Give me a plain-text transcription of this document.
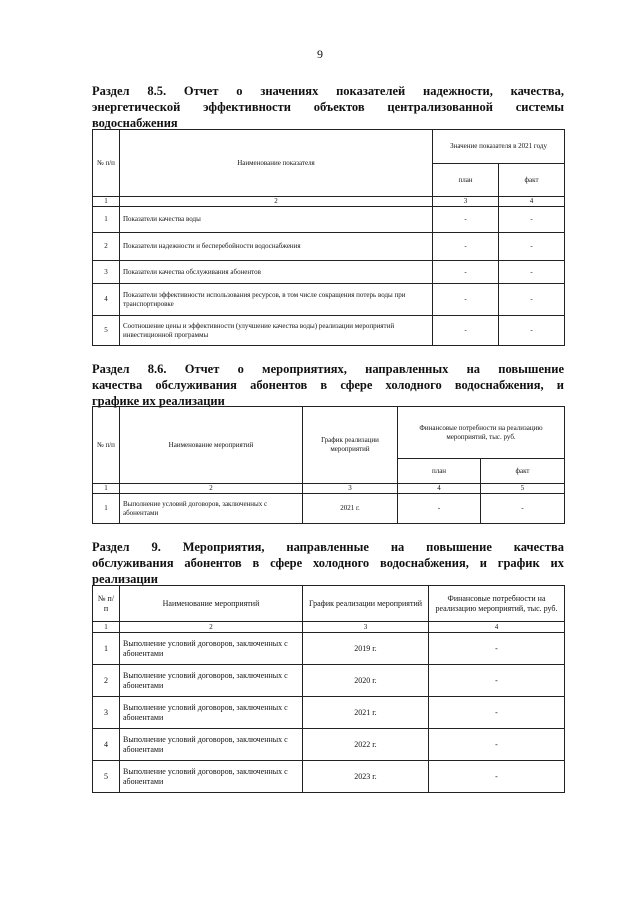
9
Раздел 8.5. Отчет о значениях показателей надежности, качества,
энергетической эффективности объектов централизованной системы
водоснабжения
№ п/п	Наименование показателя	Значение показателя в 2021 году	
		план	факт
1	2	3	4
1	Показатели качества воды	-	-
2	Показатели надежности и бесперебойности водоснабжения	-	-
3	Показатели качества обслуживания абонентов	-	-
4	Показатели эффективности использования ресурсов, в том числе сокращения потерь воды при транспортировке	-	-
5	Соотношение цены и эффективности (улучшение качества воды) реализации мероприятий инвестиционной программы	-	-
Раздел 8.6. Отчет о мероприятиях, направленных на повышение
качества обслуживания абонентов в сфере холодного водоснабжения, и
графике их реализации
№ п/п	Наименование мероприятий	График реализации мероприятий	Финансовые потребности на реализацию мероприятий, тыс. руб.	
			план	факт
1	2	3	4	5
1	Выполнение условий договоров, заключенных с абонентами	2021 г.	-	-
Раздел 9. Мероприятия, направленные на повышение качества
обслуживания абонентов в сфере холодного водоснабжения, и график их
реализации
№ п/п	Наименование мероприятий	График реализации мероприятий	Финансовые потребности на реализацию мероприятий, тыс. руб.
1	2	3	4
1	Выполнение условий договоров, заключенных с абонентами	2019 г.	-
2	Выполнение условий договоров, заключенных с абонентами	2020 г.	-
3	Выполнение условий договоров, заключенных с абонентами	2021 г.	-
4	Выполнение условий договоров, заключенных с абонентами	2022 г.	-
5	Выполнение условий договоров, заключенных с абонентами	2023 г.	-
